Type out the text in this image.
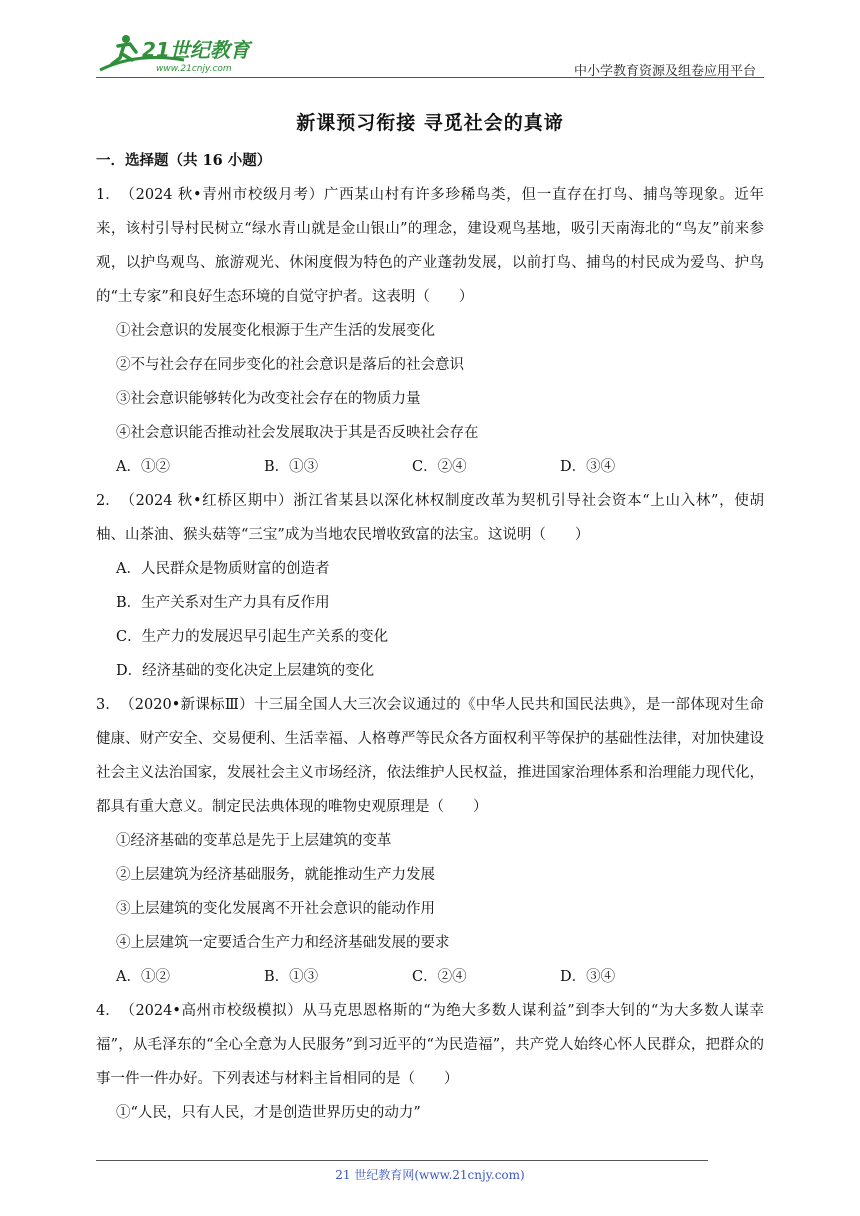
21世纪教育
www.21cnjy.com	中小学教育资源及组卷应用平台
新课预习衔接 寻觅社会的真谛
一．选择题（共 16 小题）
1．（2024 秋•青州市校级月考）广西某山村有许多珍稀鸟类，但一直存在打鸟、捕鸟等现象。近年来，该村引导村民树立“绿水青山就是金山银山”的理念，建设观鸟基地，吸引天南海北的“鸟友”前来参观，以护鸟观鸟、旅游观光、休闲度假为特色的产业蓬勃发展，以前打鸟、捕鸟的村民成为爱鸟、护鸟的“土专家”和良好生态环境的自觉守护者。这表明（　　）
①社会意识的发展变化根源于生产生活的发展变化
②不与社会存在同步变化的社会意识是落后的社会意识
③社会意识能够转化为改变社会存在的物质力量
④社会意识能否推动社会发展取决于其是否反映社会存在
A．①②	B．①③	C．②④	D．③④
2．（2024 秋•红桥区期中）浙江省某县以深化林权制度改革为契机引导社会资本“上山入林”，使胡柚、山茶油、猴头菇等“三宝”成为当地农民增收致富的法宝。这说明（　　）
A．人民群众是物质财富的创造者
B．生产关系对生产力具有反作用
C．生产力的发展迟早引起生产关系的变化
D．经济基础的变化决定上层建筑的变化
3．（2020•新课标Ⅲ）十三届全国人大三次会议通过的《中华人民共和国民法典》，是一部体现对生命健康、财产安全、交易便利、生活幸福、人格尊严等民众各方面权利平等保护的基础性法律，对加快建设社会主义法治国家，发展社会主义市场经济，依法维护人民权益，推进国家治理体系和治理能力现代化，都具有重大意义。制定民法典体现的唯物史观原理是（　　）
①经济基础的变革总是先于上层建筑的变革
②上层建筑为经济基础服务，就能推动生产力发展
③上层建筑的变化发展离不开社会意识的能动作用
④上层建筑一定要适合生产力和经济基础发展的要求
A．①②	B．①③	C．②④	D．③④
4．（2024•高州市校级模拟）从马克思恩格斯的“为绝大多数人谋利益”到李大钊的“为大多数人谋幸福”，从毛泽东的“全心全意为人民服务”到习近平的“为民造福”，共产党人始终心怀人民群众，把群众的事一件一件办好。下列表述与材料主旨相同的是（　　）
①“人民，只有人民，才是创造世界历史的动力”
21 世纪教育网(www.21cnjy.com)
